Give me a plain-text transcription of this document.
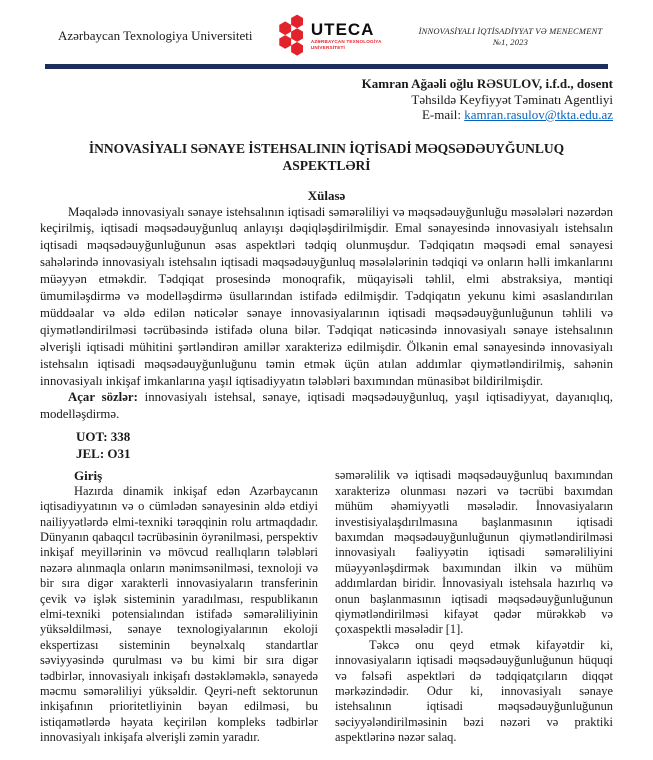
Azərbaycan Texnologiya Universiteti	UTECA
AZƏRBAYCAN TEXNOLOGİYA
UNİVERSİTETİ
İNNOVASİYALI İQTİSADİYYAT VƏ MENECMENT
№1, 2023
Kamran Ağaəli oğlu RƏSULOV, i.f.d., dosent
Təhsildə Keyfiyyət Təminatı Agentliyi
E-mail: kamran.rasulov@tkta.edu.az
İNNOVASİYALI SƏNAYE İSTEHSALININ İQTİSADİ MƏQSƏDƏUYĞUNLUQ
ASPEKTLƏRİ
Xülasə

Məqalədə innovasiyalı sənaye istehsalının iqtisadi səmərəliliyi və məqsədəuyğunluğu məsələləri nəzərdən keçirilmiş, iqtisadi məqsədəuyğunluq anlayışı dəqiqləşdirilmişdir. Emal sənayesində innovasiyalı istehsalın iqtisadi məqsədəuyğunluğunun əsas aspektləri tədqiq olunmuşdur. Tədqiqatın məqsədi emal sənayesi sahələrində innovasiyalı istehsalın iqtisadi məqsədəuyğunluq məsələlərinin tədqiqi və onların həlli imkanlarını müəyyən etməkdir. Tədqiqat prosesində monoqrafik, müqayisəli təhlil, elmi abstraksiya, məntiqi ümumiləşdirmə və modelləşdirmə üsullarından istifadə edilmişdir. Tədqiqatın yekunu kimi əsaslandırılan müddəalar və əldə edilən nəticələr sənaye innovasiyalarının iqtisadi məqsədəuyğunluğunun təhlili və qiymətləndirilməsi təcrübəsində istifadə oluna bilər. Tədqiqat nəticəsində innovasiyalı sənaye istehsalının əlverişli iqtisadi mühitini şərtləndirən amillər xarakterizə edilmişdir. Ölkənin emal sənayesində innovasiyalı istehsalın iqtisadi məqsədəuyğunluğunu təmin etmək üçün atılan addımlar qiymətləndirilmiş, sahənin innovasiyalı inkişaf imkanlarına yaşıl iqtisadiyyatın tələbləri baxımından münasibət bildirilmişdir.

Açar sözlər: innovasiyalı istehsal, sənaye, iqtisadi məqsədəuyğunluq, yaşıl iqtisadiyyat, dayanıqlıq, modelləşdirmə.

UOT: 338
JEL: O31
Giriş

Hazırda dinamik inkişaf edən Azərbaycanın iqtisadiyyatının və o cümlədən sənayesinin əldə etdiyi nailiyyətlərdə elmi-texniki tərəqqinin rolu artmaqdadır. Dünyanın qabaqcıl təcrübəsinin öyrənilməsi, perspektiv inkişaf meyillərinin və mövcud reallıqların tələbləri nəzərə alınmaqla onların mənimsənilməsi, texnoloji və bir sıra digər xarakterli innovasiyaların transferinin çevik və işlək sisteminin yaradılması, respublikanın elmi-texniki potensialından istifadə səmərəliliyinin yüksəldilməsi, sənaye texnologiyalarının ekoloji ekspertizası sisteminin beynəlxalq standartlar səviyyəsində qurulması və bu kimi bir sıra digər tədbirlər, innovasiyalı inkişafı dəstəkləməklə, sənayedə məcmu səmərəliliyi yüksəldir. Qeyri-neft sektorunun inkişafının prioritetliyinin bəyan edilməsi, bu istiqamətlərdə həyata keçirilən kompleks tədbirlər innovasiyalı inkişafa əlverişli zəmin yaradır.

səmərəlilik və iqtisadi məqsədəuyğunluq baxımından xarakterizə olunması nəzəri və təcrübi baxımdan mühüm əhəmiyyətli məsələdir. İnnovasiyaların investisiyalaşdırılmasına başlanmasının iqtisadi baxımdan məqsədəuyğunluğunun qiymətləndirilməsi innovasiyalı fəaliyyətin iqtisadi səmərəliliyini müəyyənləşdirmək baxımından ilkin və mühüm addımlardan biridir. İnnovasiyalı istehsala hazırlıq və onun başlanmasının iqtisadi məqsədəuyğunluğunun qiymətləndirilməsi kifayət qədər mürəkkəb və çoxaspektli məsələdir [1].

Təkcə onu qeyd etmək kifayətdir ki, innovasiyaların iqtisadi məqsədəuyğunluğunun hüquqi və fəlsəfi aspektləri də tədqiqatçıların diqqət mərkəzindədir. Odur ki, innovasiyalı sənaye istehsalının iqtisadi məqsədəuyğunluğunun səciyyələndirilməsinin bəzi nəzəri və praktiki aspektlərinə nəzər salaq.
